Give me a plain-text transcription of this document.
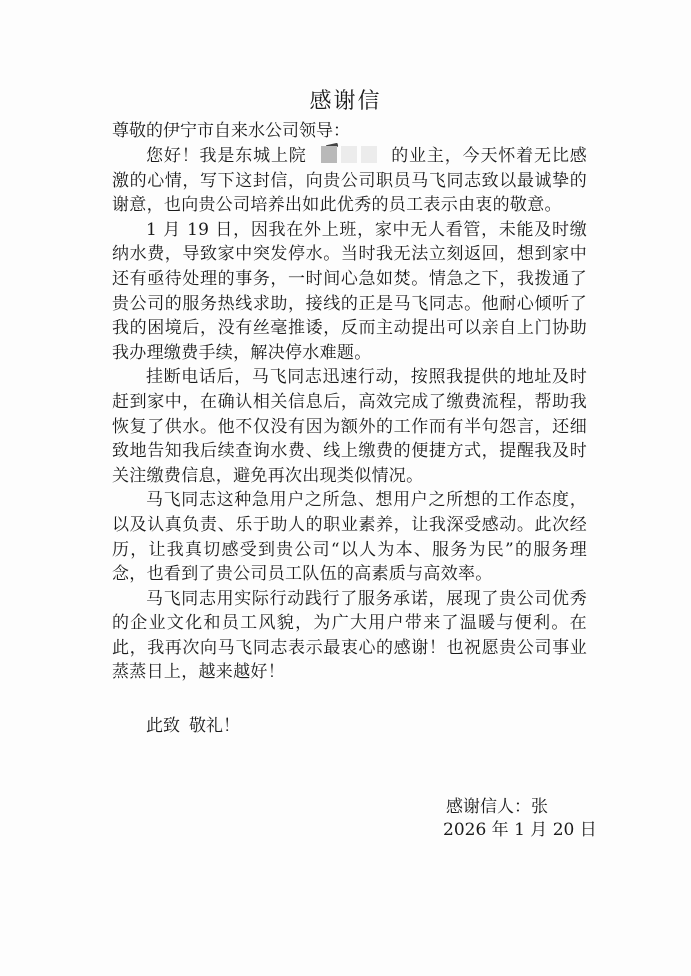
感谢信
尊敬的伊宁市自来水公司领导：

您好！我是东城上院	的业主，今天怀着无比感激的心情，写下这封信，向贵公司职员马飞同志致以最诚挚的谢意，也向贵公司培养出如此优秀的员工表示由衷的敬意。

1 月 19 日，因我在外上班，家中无人看管，未能及时缴纳水费，导致家中突发停水。当时我无法立刻返回，想到家中还有亟待处理的事务，一时间心急如焚。情急之下，我拨通了贵公司的服务热线求助，接线的正是马飞同志。他耐心倾听了我的困境后，没有丝毫推诿，反而主动提出可以亲自上门协助我办理缴费手续，解决停水难题。

挂断电话后，马飞同志迅速行动，按照我提供的地址及时赶到家中，在确认相关信息后，高效完成了缴费流程，帮助我恢复了供水。他不仅没有因为额外的工作而有半句怨言，还细致地告知我后续查询水费、线上缴费的便捷方式，提醒我及时关注缴费信息，避免再次出现类似情况。

马飞同志这种急用户之所急、想用户之所想的工作态度，以及认真负责、乐于助人的职业素养，让我深受感动。此次经历，让我真切感受到贵公司“以人为本、服务为民”的服务理念，也看到了贵公司员工队伍的高素质与高效率。

马飞同志用实际行动践行了服务承诺，展现了贵公司优秀的企业文化和员工风貌，为广大用户带来了温暖与便利。在此，我再次向马飞同志表示最衷心的感谢！也祝愿贵公司事业蒸蒸日上，越来越好！

此致 敬礼！
感谢信人：张
2026 年 1 月 20 日
